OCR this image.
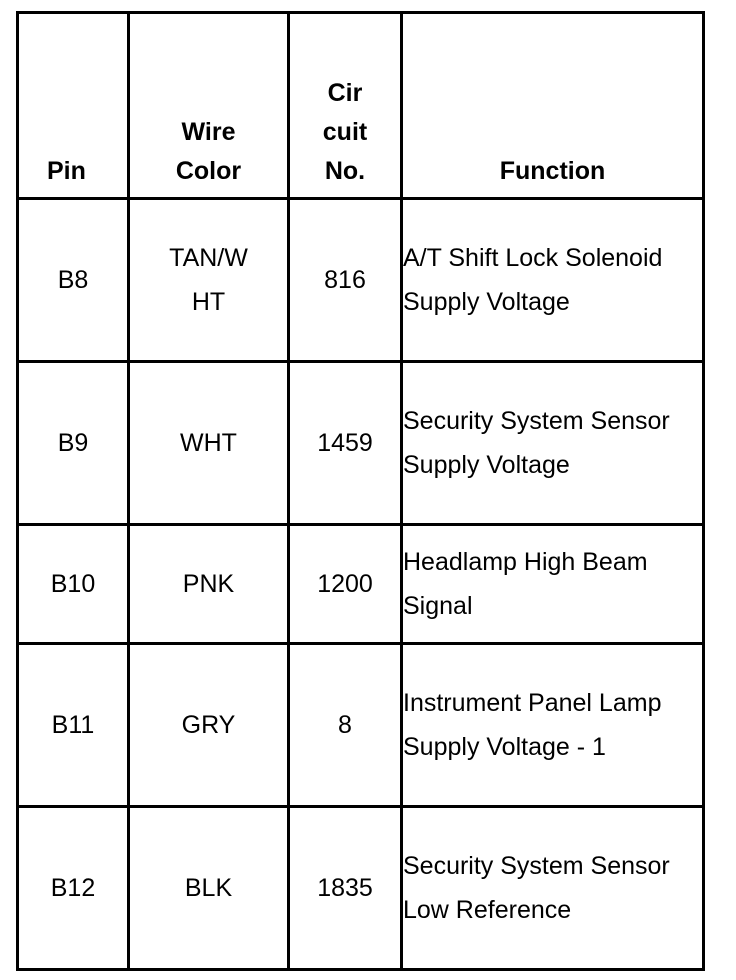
Pin	Wire Color	Cir cuit No.	Function
B8	TAN/WHT	816	A/T Shift Lock Solenoid Supply Voltage
B9	WHT	1459	Security System Sensor Supply Voltage
B10	PNK	1200	Headlamp High Beam Signal
B11	GRY	8	Instrument Panel Lamp Supply Voltage - 1
B12	BLK	1835	Security System Sensor Low Reference
